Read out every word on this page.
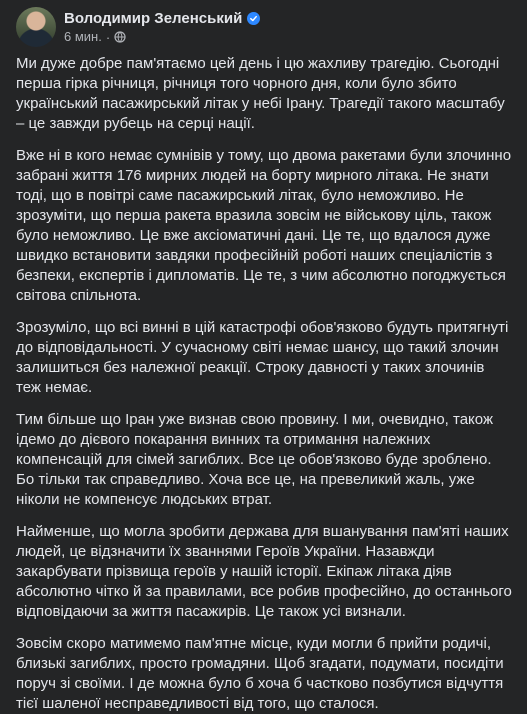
Володимир Зеленський
6 мин. ·

Ми дуже добре пам'ятаємо цей день і цю жахливу трагедію. Сьогодні перша гірка річниця, річниця того чорного дня, коли було збито український пасажирський літак у небі Ірану. Трагедії такого масштабу – це завжди рубець на серці нації.

Вже ні в кого немає сумнівів у тому, що двома ракетами були злочинно забрані життя 176 мирних людей на борту мирного літака. Не знати тоді, що в повітрі саме пасажирський літак, було неможливо. Не зрозуміти, що перша ракета вразила зовсім не військову ціль, також було неможливо. Це вже аксіоматичні дані. Це те, що вдалося дуже швидко встановити завдяки професійній роботі наших спеціалістів з безпеки, експертів і дипломатів. Це те, з чим абсолютно погоджується світова спільнота.

Зрозуміло, що всі винні в цій катастрофі обов'язково будуть притягнуті до відповідальності. У сучасному світі немає шансу, що такий злочин залишиться без належної реакції. Строку давності у таких злочинів теж немає.

Тим більше що Іран уже визнав свою провину. І ми, очевидно, також ідемо до дієвого покарання винних та отримання належних компенсацій для сімей загиблих. Все це обов'язково буде зроблено. Бо тільки так справедливо. Хоча все це, на превеликий жаль, уже ніколи не компенсує людських втрат.

Найменше, що могла зробити держава для вшанування пам'яті наших людей, це відзначити їх званнями Героїв України. Назавжди закарбувати прізвища героїв у нашій історії. Екіпаж літака діяв абсолютно чітко й за правилами, все робив професійно, до останнього відповідаючи за життя пасажирів. Це також усі визнали.

Зовсім скоро матимемо пам'ятне місце, куди могли б прийти родичі, близькі загиблих, просто громадяни. Щоб згадати, подумати, посидіти поруч зі своїми. І де можна було б хоча б частково позбутися відчуття тієї шаленої несправедливості від того, що сталося.
